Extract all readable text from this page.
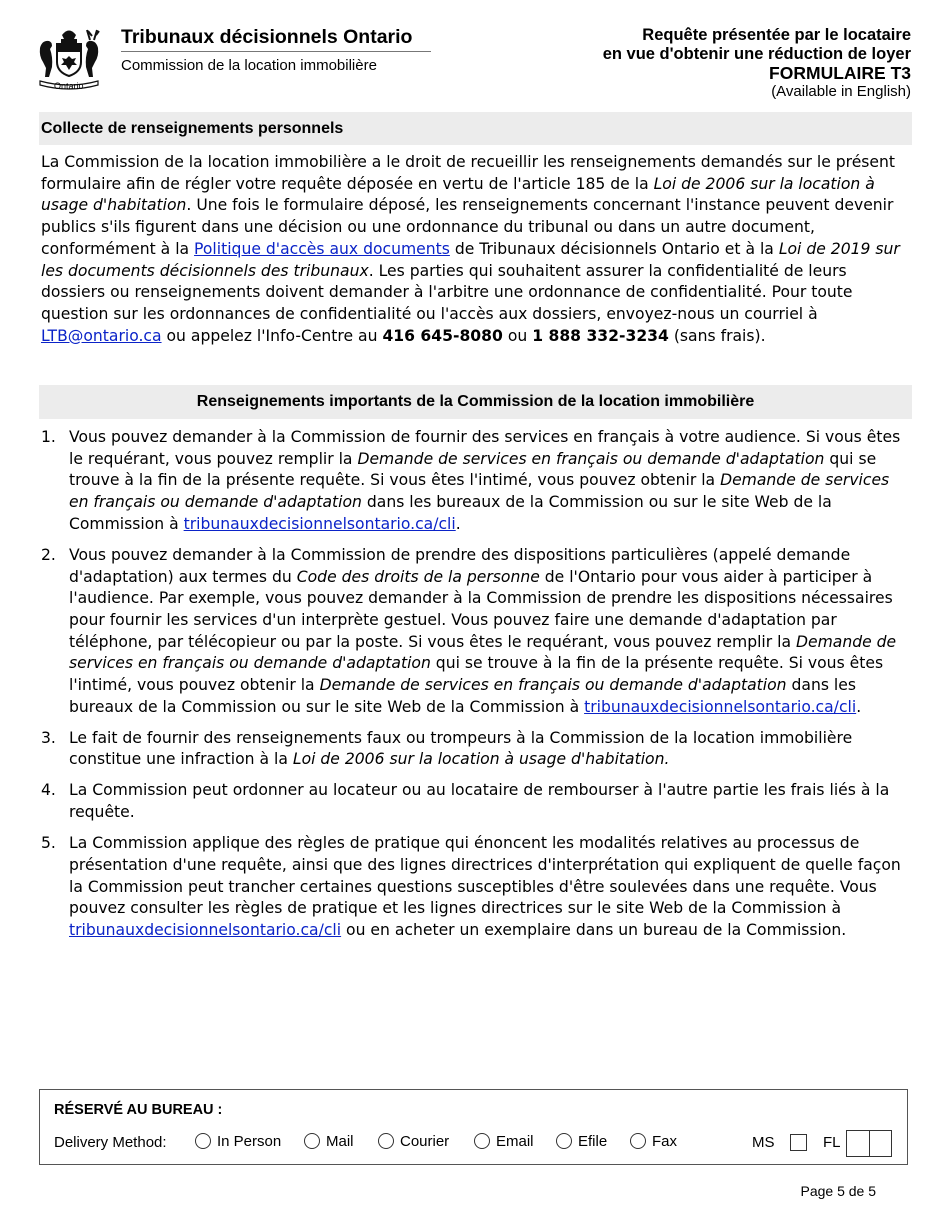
Ontario
Tribunaux décisionnels Ontario
Commission de la location immobilière
Requête présentée par le locataire
en vue d'obtenir une réduction de loyer
FORMULAIRE T3
(Available in English)
Collecte de renseignements personnels

La Commission de la location immobilière a le droit de recueillir les renseignements demandés sur le présent formulaire afin de régler votre requête déposée en vertu de l'article 185 de la Loi de 2006 sur la location à usage d'habitation. Une fois le formulaire déposé, les renseignements concernant l'instance peuvent devenir publics s'ils figurent dans une décision ou une ordonnance du tribunal ou dans un autre document, conformément à la Politique d'accès aux documents de Tribunaux décisionnels Ontario et à la Loi de 2019 sur les documents décisionnels des tribunaux. Les parties qui souhaitent assurer la confidentialité de leurs dossiers ou renseignements doivent demander à l'arbitre une ordonnance de confidentialité. Pour toute question sur les ordonnances de confidentialité ou l'accès aux dossiers, envoyez-nous un courriel à LTB@ontario.ca ou appelez l'Info-Centre au 416 645-8080 ou 1 888 332-3234 (sans frais).

Renseignements importants de la Commission de la location immobilière
1. Vous pouvez demander à la Commission de fournir des services en français à votre audience. Si vous êtes le requérant, vous pouvez remplir la Demande de services en français ou demande d'adaptation qui se trouve à la fin de la présente requête. Si vous êtes l'intimé, vous pouvez obtenir la Demande de services en français ou demande d'adaptation dans les bureaux de la Commission ou sur le site Web de la Commission à tribunauxdecisionnelsontario.ca/cli.
2. Vous pouvez demander à la Commission de prendre des dispositions particulières (appelé demande d'adaptation) aux termes du Code des droits de la personne de l'Ontario pour vous aider à participer à l'audience. Par exemple, vous pouvez demander à la Commission de prendre les dispositions nécessaires pour fournir les services d'un interprète gestuel. Vous pouvez faire une demande d'adaptation par téléphone, par télécopieur ou par la poste. Si vous êtes le requérant, vous pouvez remplir la Demande de services en français ou demande d'adaptation qui se trouve à la fin de la présente requête. Si vous êtes l'intimé, vous pouvez obtenir la Demande de services en français ou demande d'adaptation dans les bureaux de la Commission ou sur le site Web de la Commission à tribunauxdecisionnelsontario.ca/cli.
3. Le fait de fournir des renseignements faux ou trompeurs à la Commission de la location immobilière constitue une infraction à la Loi de 2006 sur la location à usage d'habitation.
4. La Commission peut ordonner au locateur ou au locataire de rembourser à l'autre partie les frais liés à la requête.
5. La Commission applique des règles de pratique qui énoncent les modalités relatives au processus de présentation d'une requête, ainsi que des lignes directrices d'interprétation qui expliquent de quelle façon la Commission peut trancher certaines questions susceptibles d'être soulevées dans une requête. Vous pouvez consulter les règles de pratique et les lignes directrices sur le site Web de la Commission à tribunauxdecisionnelsontario.ca/cli ou en acheter un exemplaire dans un bureau de la Commission.
RÉSERVÉ AU BUREAU :
Delivery Method:	In Person	Mail	Courier	Email	Efile	Fax	MS	FL
Page 5 de 5
